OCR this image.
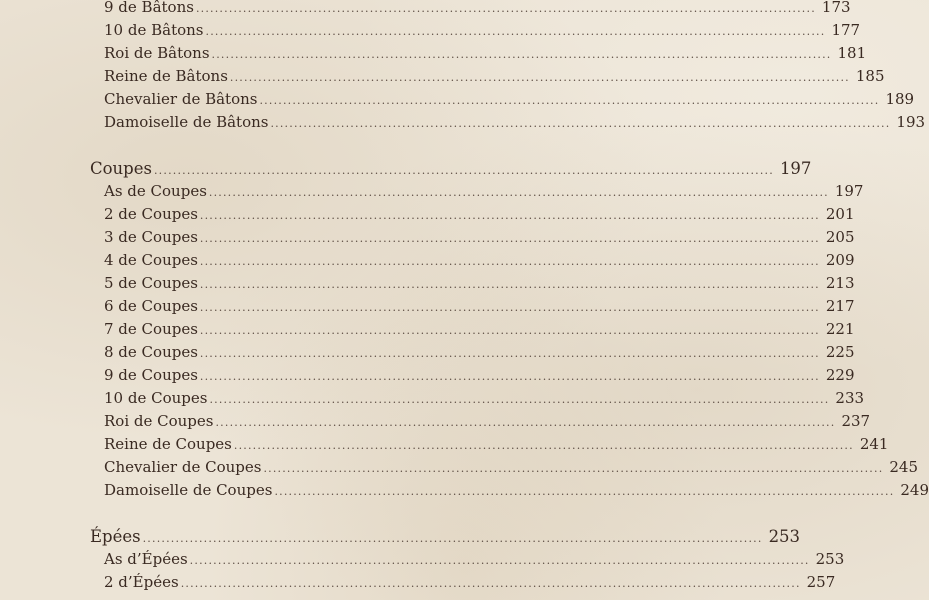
9 de Bâtons .................................................................................................................................... 173
10 de Bâtons .................................................................................................................................... 177
Roi de Bâtons .................................................................................................................................... 181
Reine de Bâtons .................................................................................................................................... 185
Chevalier de Bâtons .................................................................................................................................... 189
Damoiselle de Bâtons .................................................................................................................................... 193
Coupes .................................................................................................................................... 197
As de Coupes .................................................................................................................................... 197
2 de Coupes .................................................................................................................................... 201
3 de Coupes .................................................................................................................................... 205
4 de Coupes .................................................................................................................................... 209
5 de Coupes .................................................................................................................................... 213
6 de Coupes .................................................................................................................................... 217
7 de Coupes .................................................................................................................................... 221
8 de Coupes .................................................................................................................................... 225
9 de Coupes .................................................................................................................................... 229
10 de Coupes .................................................................................................................................... 233
Roi de Coupes .................................................................................................................................... 237
Reine de Coupes .................................................................................................................................... 241
Chevalier de Coupes .................................................................................................................................... 245
Damoiselle de Coupes .................................................................................................................................... 249
Épées .................................................................................................................................... 253
As d’Épées .................................................................................................................................... 253
2 d’Épées .................................................................................................................................... 257
